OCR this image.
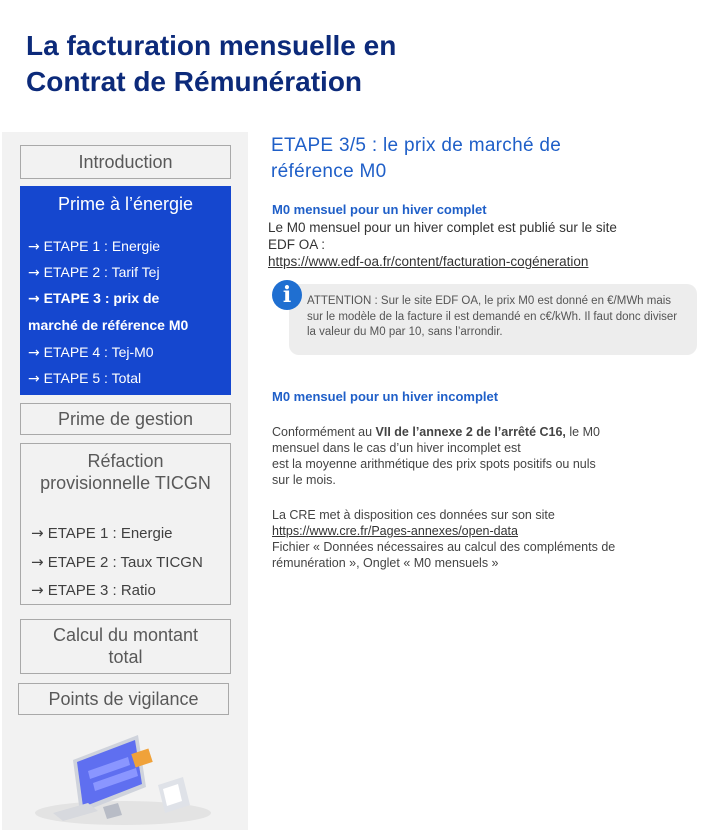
La facturation mensuelle en
Contrat de Rémunération
Introduction
Prime à l’énergie
→ ETAPE 1 : Energie
→ ETAPE 2 : Tarif Tej
→ ETAPE 3 : prix de
marché de référence M0
→ ETAPE 4 : Tej-M0
→ ETAPE 5 : Total
Prime de gestion
Réfaction
provisionnelle TICGN
→ ETAPE 1 : Energie
→ ETAPE 2 : Taux TICGN
→ ETAPE 3 : Ratio
Calcul du montant
total
Points de vigilance
ETAPE 3/5 : le prix de marché de
référence M0
M0 mensuel pour un hiver complet
Le M0 mensuel pour un hiver complet est publié sur le site
EDF OA :
https://www.edf-oa.fr/content/facturation-cogéneration
ATTENTION : Sur le site EDF OA, le prix M0 est donné en €/MWh mais sur le modèle de la facture il est demandé en c€/kWh. Il faut donc diviser la valeur du M0 par 10, sans l’arrondir.
i
M0 mensuel pour un hiver incomplet
Conformément au VII de l’annexe 2 de l’arrêté C16, le M0
mensuel dans le cas d’un hiver incomplet est
est la moyenne arithmétique des prix spots positifs ou nuls
sur le mois.
La CRE met à disposition ces données sur son site
https://www.cre.fr/Pages-annexes/open-data
Fichier « Données nécessaires au calcul des compléments de
rémunération », Onglet « M0 mensuels »
